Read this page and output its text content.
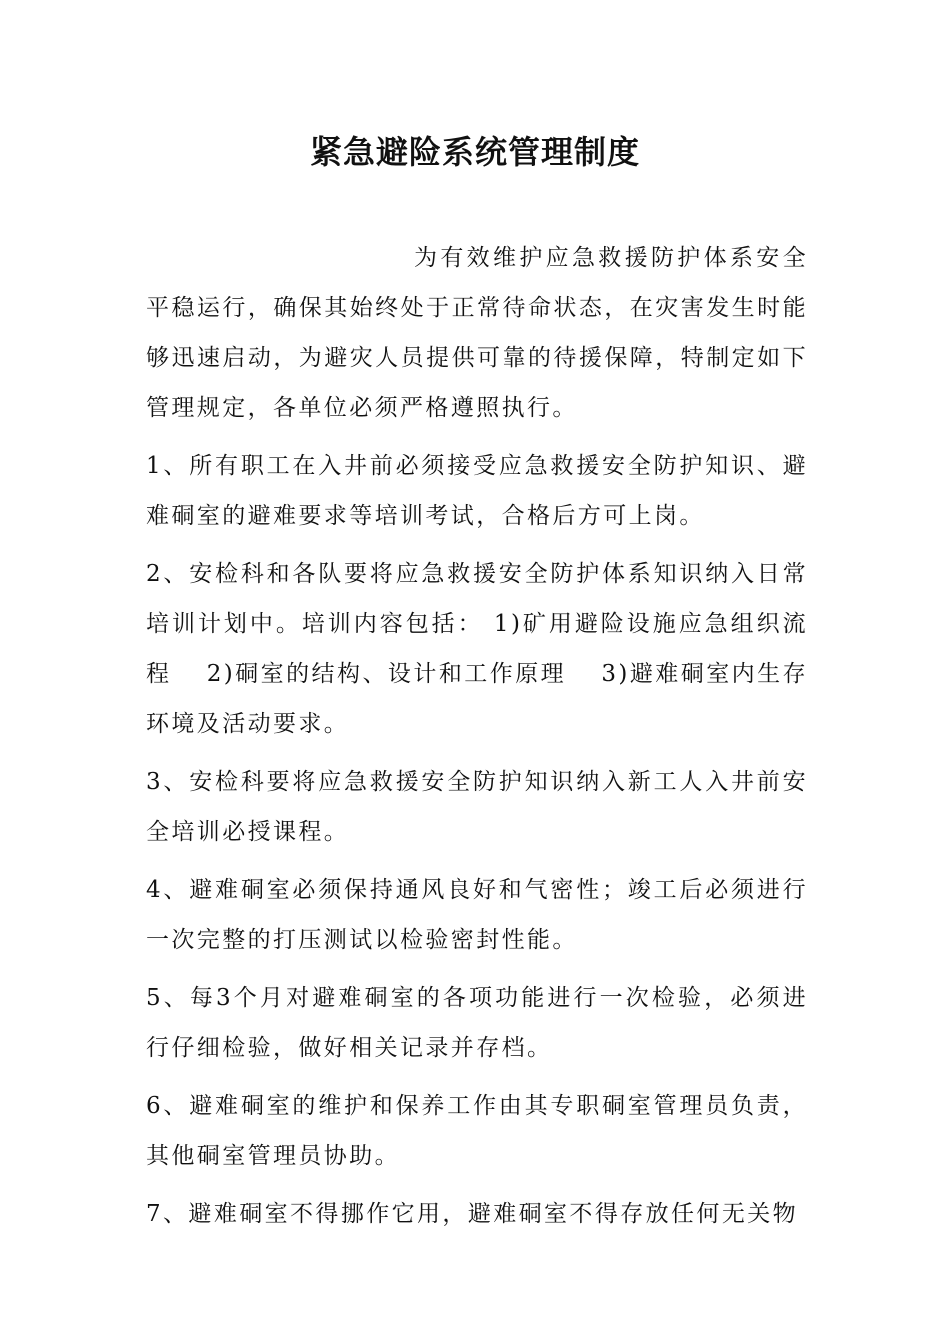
紧急避险系统管理制度

为有效维护应急救援防护体系安全平稳运行，确保其始终处于正常待命状态，在灾害发生时能够迅速启动，为避灾人员提供可靠的待援保障，特制定如下管理规定，各单位必须严格遵照执行。

1、所有职工在入井前必须接受应急救援安全防护知识、避难硐室的避难要求等培训考试，合格后方可上岗。

2、安检科和各队要将应急救援安全防护体系知识纳入日常培训计划中。培训内容包括： 1)矿用避险设施应急组织流程　 2)硐室的结构、设计和工作原理　 3)避难硐室内生存环境及活动要求。

3、安检科要将应急救援安全防护知识纳入新工人入井前安全培训必授课程。

4、避难硐室必须保持通风良好和气密性；竣工后必须进行一次完整的打压测试以检验密封性能。

5、每3个月对避难硐室的各项功能进行一次检验，必须进行仔细检验，做好相关记录并存档。

6、避难硐室的维护和保养工作由其专职硐室管理员负责，其他硐室管理员协助。

7、避难硐室不得挪作它用，避难硐室不得存放任何无关物
